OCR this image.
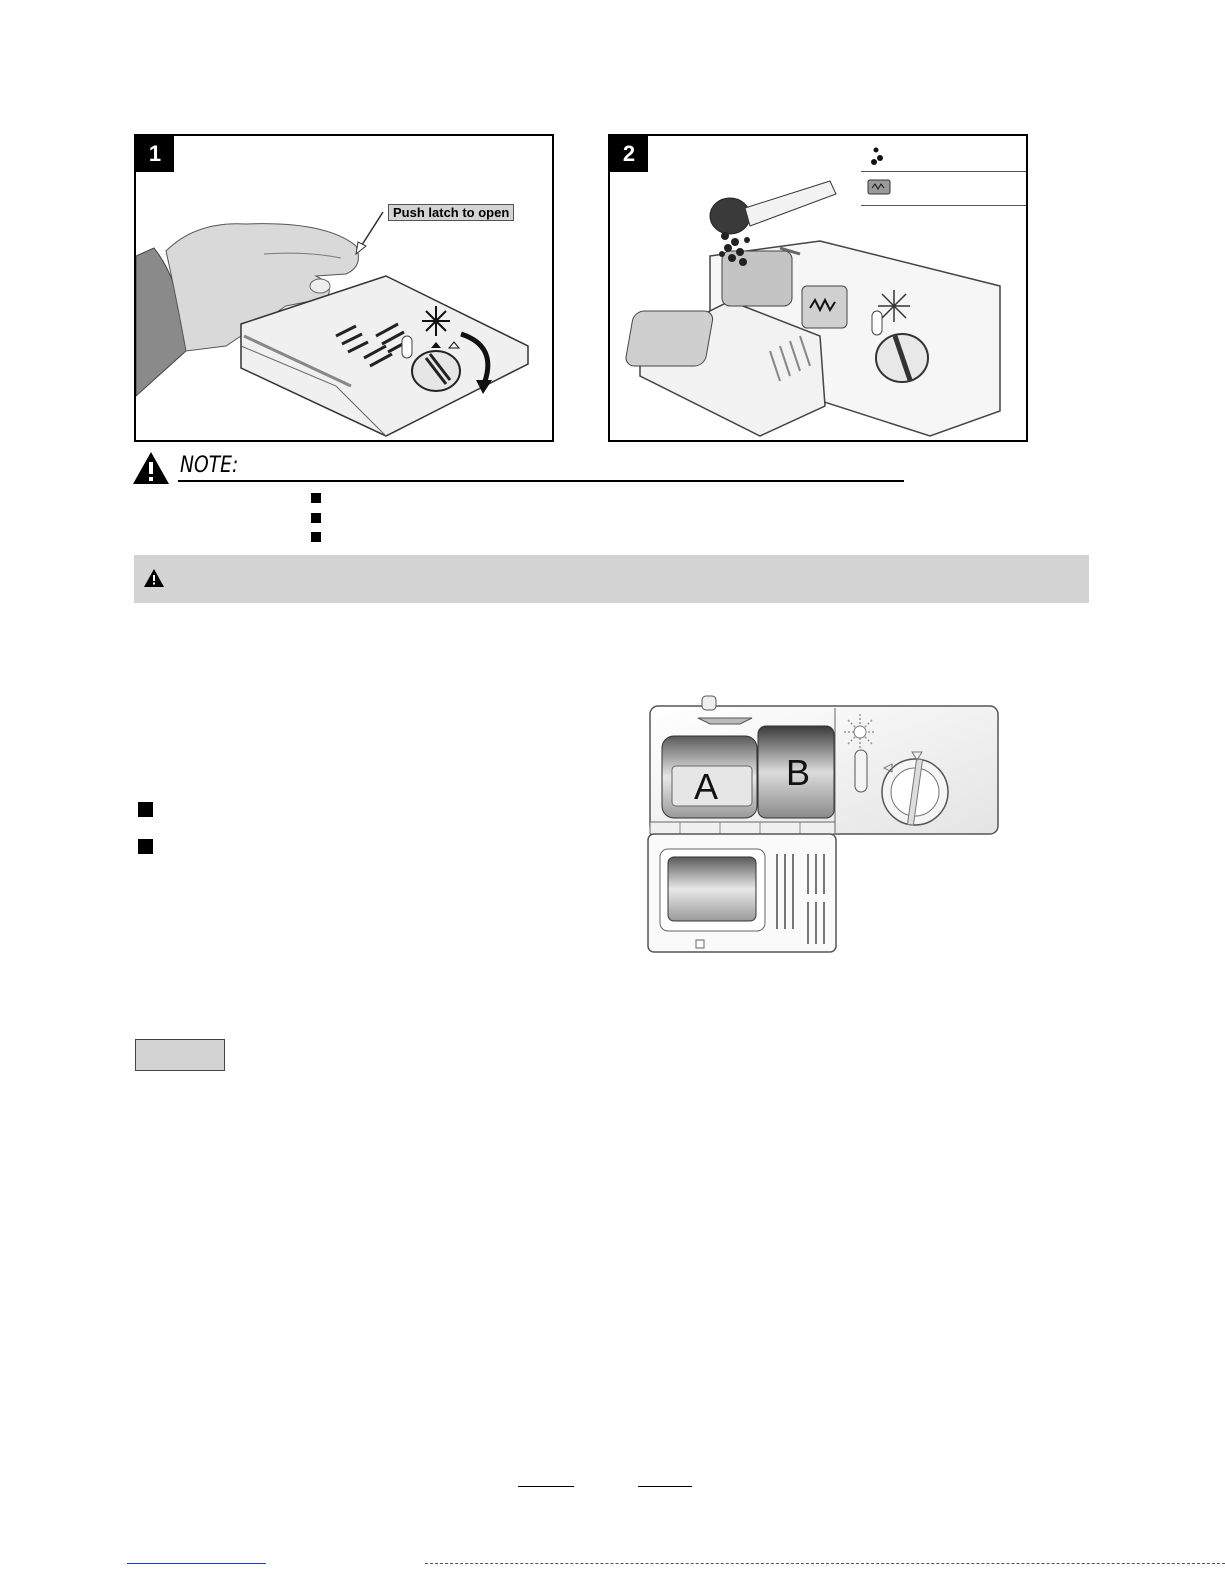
1
Push latch to open
2
NOTE:
A B
